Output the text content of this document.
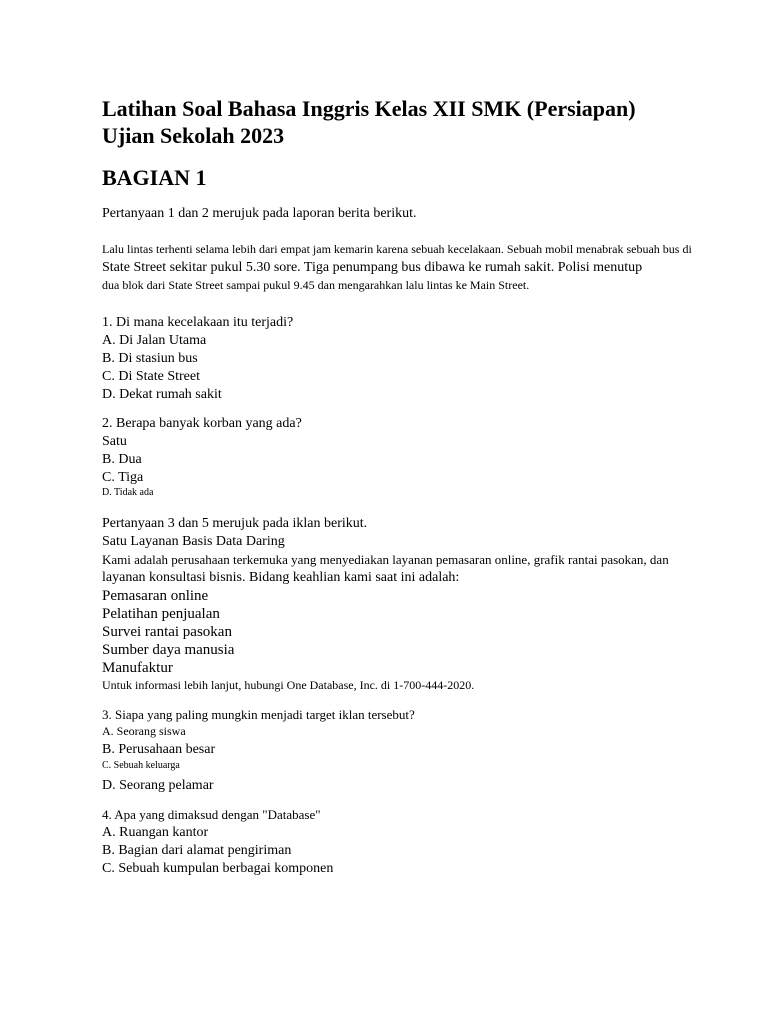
Latihan Soal Bahasa Inggris Kelas XII SMK (Persiapan)
Ujian Sekolah 2023
BAGIAN 1

Pertanyaan 1 dan 2 merujuk pada laporan berita berikut.

Lalu lintas terhenti selama lebih dari empat jam kemarin karena sebuah kecelakaan. Sebuah mobil menabrak sebuah bus di

State Street sekitar pukul 5.30 sore. Tiga penumpang bus dibawa ke rumah sakit. Polisi menutup

dua blok dari State Street sampai pukul 9.45 dan mengarahkan lalu lintas ke Main Street.

1. Di mana kecelakaan itu terjadi?

A. Di Jalan Utama

B. Di stasiun bus

C. Di State Street

D. Dekat rumah sakit

2. Berapa banyak korban yang ada?

Satu

B. Dua

C. Tiga

D. Tidak ada

Pertanyaan 3 dan 5 merujuk pada iklan berikut.

Satu Layanan Basis Data Daring

Kami adalah perusahaan terkemuka yang menyediakan layanan pemasaran online, grafik rantai pasokan, dan

layanan konsultasi bisnis. Bidang keahlian kami saat ini adalah:

Pemasaran online

Pelatihan penjualan

Survei rantai pasokan

Sumber daya manusia

Manufaktur

Untuk informasi lebih lanjut, hubungi One Database, Inc. di 1-700-444-2020.

3. Siapa yang paling mungkin menjadi target iklan tersebut?

A. Seorang siswa

B. Perusahaan besar

C. Sebuah keluarga

D. Seorang pelamar

4. Apa yang dimaksud dengan "Database"

A. Ruangan kantor

B. Bagian dari alamat pengiriman

C. Sebuah kumpulan berbagai komponen
